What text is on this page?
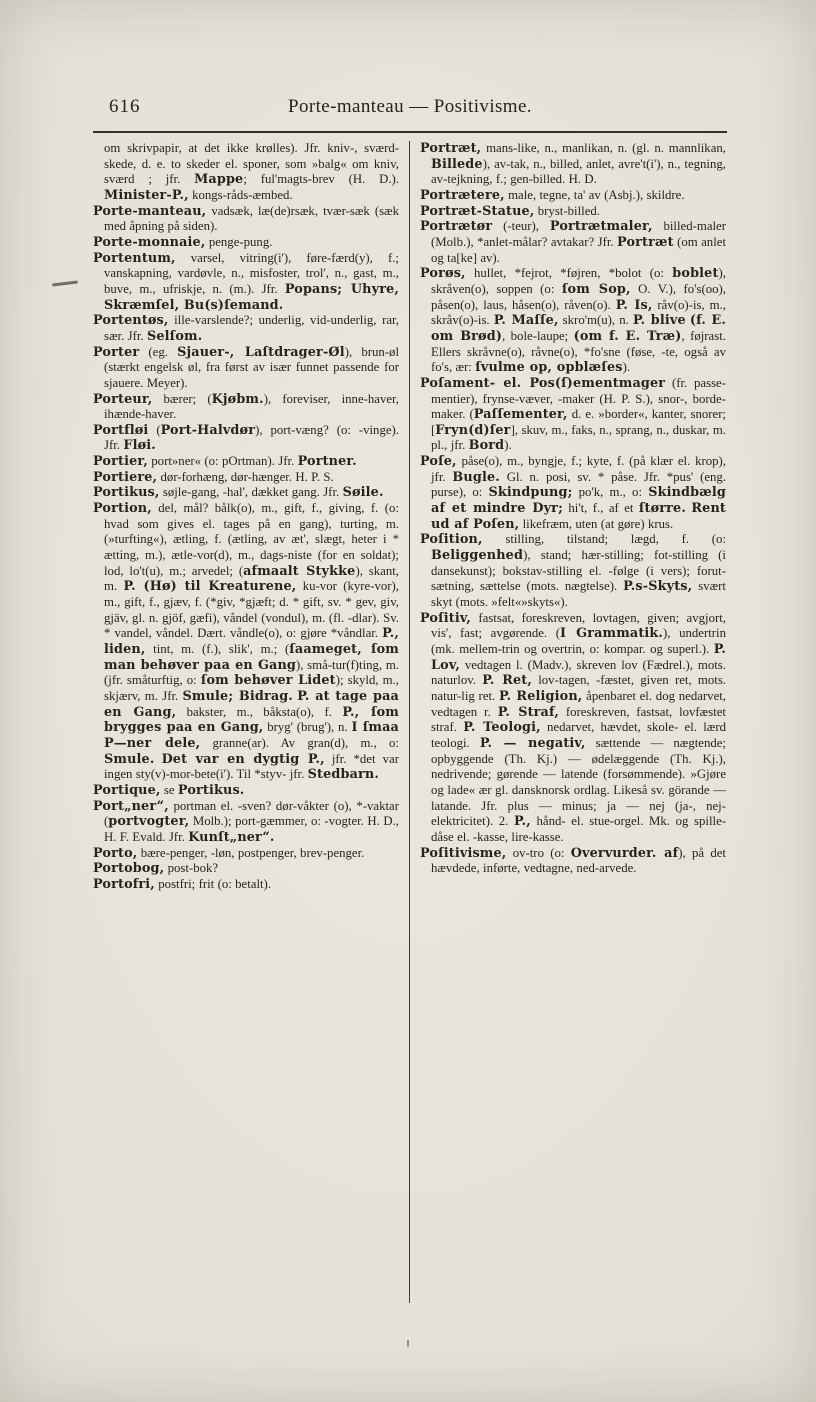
616	Porte-manteau — Positivisme.

om skrivpapir, at det ikke krølles). Jfr. kniv-, sværd-skede, d. e. to skeder el. sponer, som »balg« om kniv, sværd ; jfr. Mappe; ful'magts-brev (H. D.). Minister-P., kongs-råds-æmbed.

Porte-manteau, vadsæk, læ(de)rsæk, tvær-sæk (sæk med åpning på siden).

Porte-monnaie, penge-pung.

Portentum, varsel, vitring(i'), føre-færd(y), f.; vanskapning, vardøvle, n., misfoster, trol', n., gast, m., buve, m., ufriskje, n. (m.). Jfr. Popans; Uhyre, Skræmſel, Bu(s)ſemand.

Portentøs, ille-varslende?; underlig, vid-underlig, rar, sær. Jfr. Selſom.

Porter (eg. Sjauer-, Laſtdrager-Øl), brun-øl (stærkt engelsk øl, fra først av især funnet passende for sjauere. Meyer).

Porteur, bærer; (Kjøbm.), foreviser, inne-haver, ihænde-haver.

Portfløi (Port-Halvdør), port-væng? (o: -vinge). Jfr. Fløi.

Portier, port»ner« (o: pOrtman). Jfr. Portner.

Portiere, dør-forhæng, dør-hænger. H. P. S.

Portikus, søjle-gang, -hal', dækket gang. Jfr. Søile.

Portion, del, mål? bålk(o), m., gift, f., giving, f. (o: hvad som gives el. tages på en gang), turting, m. (»turfting«), ætling, f. (ætling, av æt', slægt, heter i * ætting, m.), ætle-vor(d), m., dags-niste (for en soldat); lod, lo't(u), m.; arvedel; (afmaalt Stykke), skant, m. P. (Hø) til Kreaturene, ku-vor (kyre-vor), m., gift, f., gjæv, f. (*giv, *gjæft; d. * gift, sv. * gev, giv, gjäv, gl. n. gjöf, gæfi), våndel (vondul), m. (fl. -dlar). Sv. * vandel, våndel. Dært. våndle(o), o: gjøre *våndlar. P., liden, tint, m. (f.), slik', m.; (ſaameget, ſom man behøver paa en Gang), små-tur(f)ting, m. (jfr. småturftig, o: ſom behøver Lidet); skyld, m., skjærv, m. Jfr. Smule; Bidrag. P. at tage paa en Gang, bakster, m., båksta(o), f. P., ſom brygges paa en Gang, bryg' (brug'), n. I ſmaa P—ner dele, granne(ar). Av gran(d), m., o: Smule. Det var en dygtig P., jfr. *det var ingen sty(v)-mor-bete(i'). Til *styv- jfr. Stedbarn.

Portique, se Portikus.

Port„ner“, portman el. -sven? dør-våkter (o), *-vaktar (portvogter, Molb.); port-gæmmer, o: -vogter. H. D., H. F. Evald. Jfr. Kunſt„ner“.

Porto, bære-penger, -løn, postpenger, brev-penger.

Portobog, post-bok?

Portofri, postfri; frit (o: betalt).

Portræt, mans-like, n., manlikan, n. (gl. n. mannlikan, Billede), av-tak, n., billed, anlet, avre't(i'), n., tegning, av-tejkning, f.; gen-billed. H. D.

Portrætere, male, tegne, ta' av (Asbj.), skildre.

Portræt-Statue, bryst-billed.

Portrætør (-teur), Portrætmaler, billed-maler (Molb.), *anlet-målar? avtakar? Jfr. Portræt (om anlet og ta[ke] av).

Porøs, hullet, *fejrot, *føjren, *bolot (o: boblet), skråven(o), soppen (o: ſom Sop, O. V.), fo's(oo), påsen(o), laus, håsen(o), råven(o). P. Is, råv(o)-is, m., skråv(o)-is. P. Maſſe, skro'm(u), n. P. blive (f. E. om Brød), bole-laupe; (om f. E. Træ), føjrast. Ellers skråvne(o), råvne(o), *fo'sne (føse, -te, også av fo's, ær: ſvulme op, opblæſes).

Poſament- el. Pos(ſ)ementmager (fr. passe-mentier), frynse-væver, -maker (H. P. S.), snor-, borde-maker. (Paſſementer, d. e. »border«, kanter, snorer; [Fryn(d)ſer], skuv, m., faks, n., sprang, n., duskar, m. pl., jfr. Bord).

Poſe, påse(o), m., byngje, f.; kyte, f. (på klær el. krop), jfr. Bugle. Gl. n. posi, sv. * påse. Jfr. *pus' (eng. purse), o: Skindpung; po'k, m., o: Skindbælg af et mindre Dyr; hi't, f., af et ſtørre. Rent ud af Poſen, likefræm, uten (at gøre) krus.

Poſition, stilling, tilstand; lægd, f. (o: Beliggenhed), stand; hær-stilling; fot-stilling (i dansekunst); bokstav-stilling el. -følge (i vers); forut-sætning, sættelse (mots. nægtelse). P.s-Skyts, svært skyt (mots. »felt«»skyts«).

Poſitiv, fastsat, foreskreven, lovtagen, given; avgjort, vis', fast; avgørende. (I Grammatik.), undertrin (mk. mellem-trin og overtrin, o: kompar. og superl.). P. Lov, vedtagen l. (Madv.), skreven lov (Fædrel.), mots. naturlov. P. Ret, lov-tagen, -fæstet, given ret, mots. natur-lig ret. P. Religion, åpenbaret el. dog nedarvet, vedtagen r. P. Straf, foreskreven, fastsat, lovfæstet straf. P. Teologi, nedarvet, hævdet, skole- el. lærd teologi. P. — negativ, sættende — nægtende; opbyggende (Th. Kj.) — ødelæggende (Th. Kj.), nedrivende; gørende — latende (forsømmende). »Gjøre og lade« ær gl. dansknorsk ordlag. Likeså sv. görande — latande. Jfr. plus — minus; ja — nej (ja-, nej-elektricitet). 2. P., hånd- el. stue-orgel. Mk. og spille-dåse el. -kasse, lire-kasse.

Poſitivisme, ov-tro (o: Overvurder. af), på det hævdede, inførte, vedtagne, ned-arvede.
